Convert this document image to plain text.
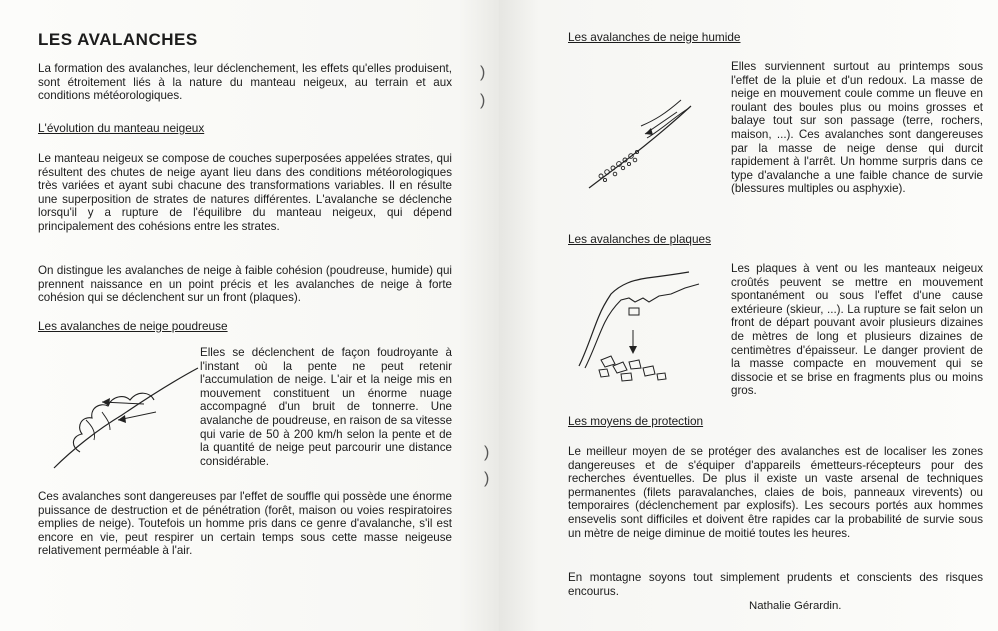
LES AVALANCHES

La formation des avalanches, leur déclenchement, les effets qu'elles produisent, sont étroitement liés à la nature du manteau neigeux, au terrain et aux conditions météorologiques.

L'évolution du manteau neigeux

Le manteau neigeux se compose de couches superposées appelées strates, qui résultent des chutes de neige ayant lieu dans des conditions météorologiques très variées et ayant subi chacune des transformations variables. Il en résulte une superposition de strates de natures différentes. L'avalanche se déclenche lorsqu'il y a rupture de l'équilibre du manteau neigeux, qui dépend principalement des cohésions entre les strates.

On distingue les avalanches de neige à faible cohésion (poudreuse, humide) qui prennent naissance en un point précis et les avalanches de neige à forte cohésion qui se déclenchent sur un front (plaques).

Les avalanches de neige poudreuse

Elles se déclenchent de façon foudroyante à l'instant où la pente ne peut retenir l'accumulation de neige. L'air et la neige mis en mouvement constituent un énorme nuage accompagné d'un bruit de tonnerre. Une avalanche de poudreuse, en raison de sa vitesse qui varie de 50 à 200 km/h selon la pente et de la quantité de neige peut parcourir une distance considérable.

Ces avalanches sont dangereuses par l'effet de souffle qui possède une énorme puissance de destruction et de pénétration (forêt, maison ou voies respiratoires emplies de neige). Toutefois un homme pris dans ce genre d'avalanche, s'il est encore en vie, peut respirer un certain temps sous cette masse neigeuse relativement perméable à l'air.

)
)
)
)
Les avalanches de neige humide

Elles surviennent surtout au printemps sous l'effet de la pluie et d'un redoux. La masse de neige en mouvement coule comme un fleuve en roulant des boules plus ou moins grosses et balaye tout sur son passage (terre, rochers, maison, ...). Ces avalanches sont dangereuses par la masse de neige dense qui durcit rapidement à l'arrêt. Un homme surpris dans ce type d'avalanche a une faible chance de survie (blessures multiples ou asphyxie).

Les avalanches de plaques

Les plaques à vent ou les manteaux neigeux croûtés peuvent se mettre en mouvement spontanément ou sous l'effet d'une cause extérieure (skieur, ...). La rupture se fait selon un front de départ pouvant avoir plusieurs dizaines de mètres de long et plusieurs dizaines de centimètres d'épaisseur. Le danger provient de la masse compacte en mouvement qui se dissocie et se brise en fragments plus ou moins gros.

Les moyens de protection

Le meilleur moyen de se protéger des avalanches est de localiser les zones dangereuses et de s'équiper d'appareils émetteurs-récepteurs pour des recherches éventuelles. De plus il existe un vaste arsenal de techniques permanentes (filets paravalanches, claies de bois, panneaux virevents) ou temporaires (déclenchement par explosifs). Les secours portés aux hommes ensevelis sont difficiles et doivent être rapides car la probabilité de survie sous un mètre de neige diminue de moitié toutes les heures.

En montagne soyons tout simplement prudents et conscients des risques encourus.

Nathalie Gérardin.
